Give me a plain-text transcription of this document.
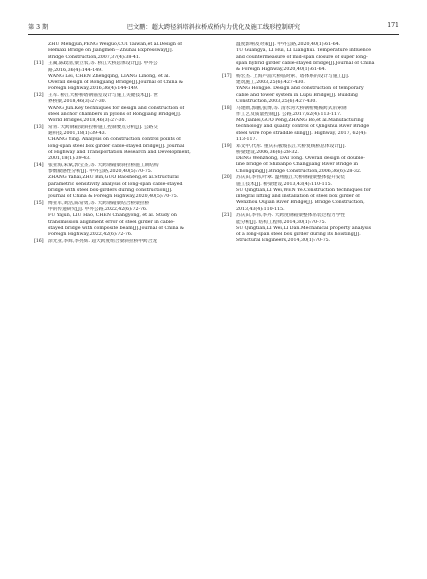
第 3 期	巴文鹏：超大跨径斜塔斜拉桥成桥内力优化及施工线形控制研究	171
ZHU Mengjun,PENG Weiguo,CUI Taiwan,et al.Design of
Hemaxi Bridge on Jiangmen－Zhuhai Expressway[J].
Bridge Construction,2007,37(4):38-41.
[11] 王蔺,陈政清,梁立农,等. 桥江大桥总体设计[J]. 中外公
路,2016,36(4):144-149.
WANG Lei, CHEN Zhengqing, LIANG Linong, et al.
Overall design of Rongjiang Bridge[J].Journal of China &
Foreign Highway,2016,36(4):144-149.
[12] 王军. 桥江大桥桥塔钢锚室设计与施工关键技术[J]. 世
界桥梁,2018,46(3):27-30.
WANG Jun.Key techniques for design and construction of
steel anchor chambers in pylons of Rongjiang Bridge[J].
World Bridges,2018,46(3):27-30.
[13] 常青. 大跨钢箱梁斜拉桥施工控制要点分析[J]. 公路交
通科技,2001,18(1):39-43.
CHANG Ying. Analysis on construction control points of
long-span steel box girder cable-stayed bridge[J]. Journal
of Highway and Transportation Research and Development,
2001,18(1):39-43.
[14] 张亚海,朱斌,郭宝圣,等. 大跨钢箱梁斜拉桥施工期结构
参数敏感性分析[J]. 中外公路,2020,40(5):70-75.
ZHANG Yahai,ZHU Bin,GUO Baosheng,et al.Structural
parametric sensitivity analysis of long-span cable-stayed
bridge with steel box-girders during construction[J].
Journal of China & Foreign Highway,2020,40(5):70-75.
[15] 傅亚军,刘浩,陈常勇,等. 大跨钢箱梁结合桥梁拉桥
中的传递研究[J]. 中外公路,2022,42(6):72-76.
FU Yajun, LIU Hao, CHEN Changyong, et al. Study on
transmission alignment error of steel girder in cable-
stayed bridge with composite beam[J].Journal of China &
Foreign Highway,2022,42(6):72-76.
[16] 涂光亚,李辉,李亮辉. 超大跨度组合梁斜拉桥中跨合龙
温度影响及对策[J]. 中外公路,2020,40(1):61-64.
TU Guangya, LI Hui, LI Lianghui. Temperature influence
and countermeasure of mid-span closure of super long-
span hybrid girder cable-stayed bridge[J].Journal of China
& Foreign Highway,2020,40(1):61-64.
[17] 杨宏杰. 上海卢浦大桥临时索、塔体系的设计与施工[J].
建筑施工,2003,25(6):427-430.
YANG Hongjie. Design and construction of temporary
cable and tower system in Lupu Bridge[J]. Building
Construction,2003,25(6):427-430.
[18] 马建勋,郭鹏,张博,等. 清水河大桥钢桁绳鞍跨式吊索钢
作工艺及质量控制[J]. 公路,2017,62(4):113-117.
MA Jianlei,GUO Peng,ZHANG Bo,et al.Manufacturing
technology and quality control of Qingshui River Bridge
steel wire rope straddle sling[J]. Highway, 2017, 62(4):
113-117.
[19] 邓文中,代彤. 重庆石板坡长江大桥复线桥总体设计[J].
桥梁建设,2006,36(6):28-32.
DENG Wenzhong, DAI Tong. Overall design of double-
line bridge of Shibanpo Changjiang River Bridge in
Chongqing[J].Bridge Construction,2006,36(6):28-32.
[20] 苏庆田,李伟,叶翠. 温州瓯江大桥钢箱梁整体提升安装
施工技术[J]. 桥梁建设,2013,43(4):110-115.
SU Qingtian,LI Wei,WEN Ye.Construction techniques for
integral lifting and installation of steel box girder of
Wenzhou Oujian River Bridge[J]. Bridge Construction,
2013,43(4):110-115.
[21] 苏庆田,李伟,李丹. 大跨度钢箱梁整体吊装过程力学性
能分析[J]. 结构工程师,2014,30(1):70-75.
SU Qingtian,LI Wei,LI Dan.Mechanical property analysis
of a long-span steel box girder during its hoisting[J].
Structural Engineers,2014,30(1):70-75.
